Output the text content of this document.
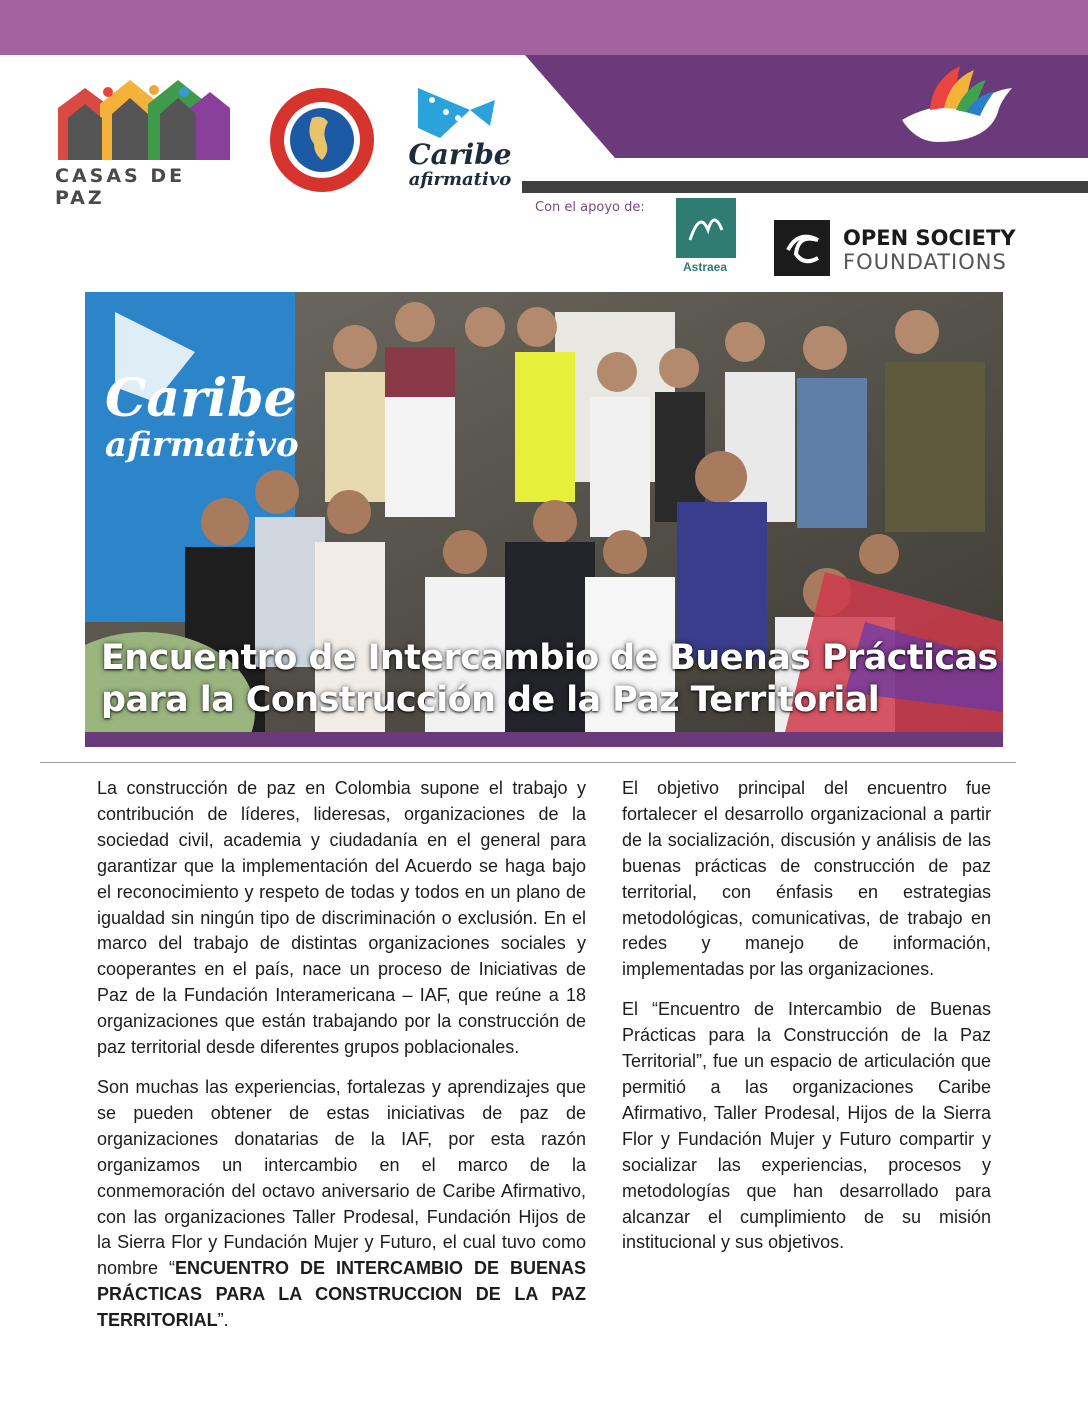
Boletín N° 14
CASAS DE PAZ
Caribe
afirmativo
Con el apoyo de:
Astraea
OPEN SOCIETY
FOUNDATIONS
Caribe
afirmativo
Encuentro de Intercambio de Buenas Prácticas
para la Construcción de la Paz Territorial

La construcción de paz en Colombia supone el trabajo y contribución de líderes, lideresas, organizaciones de la sociedad civil, academia y ciudadanía en el general para garantizar que la implementación del Acuerdo se haga bajo el reconocimiento y respeto de todas y todos en un plano de igualdad sin ningún tipo de discriminación o exclusión. En el marco del trabajo de distintas organizaciones sociales y cooperantes en el país, nace un proceso de Iniciativas de Paz de la Fundación Interamericana – IAF, que reúne a 18 organizaciones que están trabajando por la construcción de paz territorial desde diferentes grupos poblacionales.

Son muchas las experiencias, fortalezas y aprendizajes que se pueden obtener de estas iniciativas de paz de organizaciones donatarias de la IAF, por esta razón organizamos un intercambio en el marco de la conmemoración del octavo aniversario de Caribe Afirmativo, con las organizaciones Taller Prodesal, Fundación Hijos de la Sierra Flor y Fundación Mujer y Futuro, el cual tuvo como nombre “ENCUENTRO DE INTERCAMBIO DE BUENAS PRÁCTICAS PARA LA CONSTRUCCION DE LA PAZ TERRITORIAL”.

El objetivo principal del encuentro fue fortalecer el desarrollo organizacional a partir de la socialización, discusión y análisis de las buenas prácticas de construcción de paz territorial, con énfasis en estrategias metodológicas, comunicativas, de trabajo en redes y manejo de información, implementadas por las organizaciones.

El “Encuentro de Intercambio de Buenas Prácticas para la Construcción de la Paz Territorial”, fue un espacio de articulación que permitió a las organizaciones Caribe Afirmativo, Taller Prodesal, Hijos de la Sierra Flor y Fundación Mujer y Futuro compartir y socializar las experiencias, procesos y metodologías que han desarrollado para alcanzar el cumplimiento de su misión institucional y sus objetivos.
